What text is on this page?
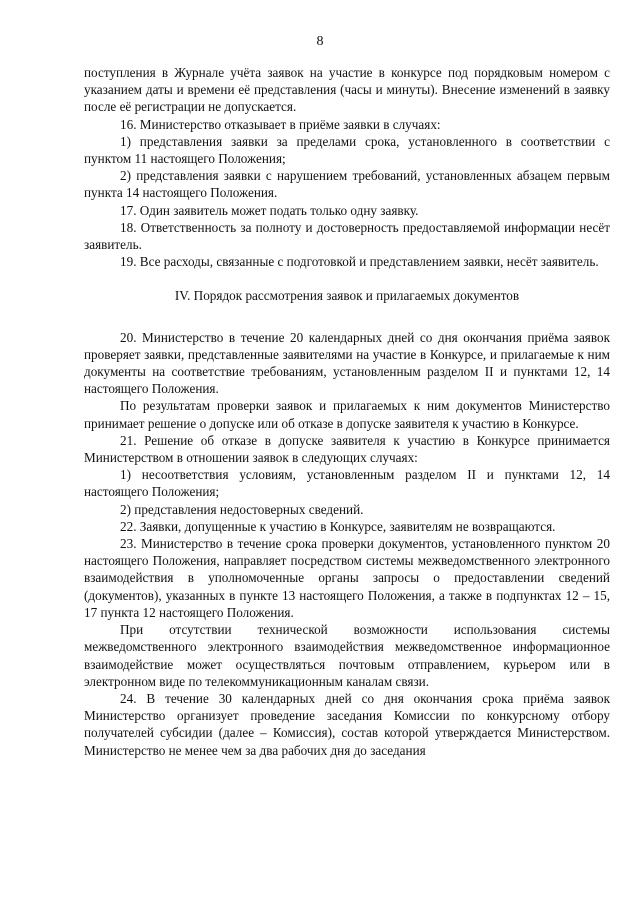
8

поступления в Журнале учёта заявок на участие в конкурсе под порядковым номером с указанием даты и времени её представления (часы и минуты). Внесение изменений в заявку после её регистрации не допускается.

16. Министерство отказывает в приёме заявки в случаях:

1) представления заявки за пределами срока, установленного в соответствии с пунктом 11 настоящего Положения;

2) представления заявки с нарушением требований, установленных абзацем первым пункта 14 настоящего Положения.

17. Один заявитель может подать только одну заявку.

18. Ответственность за полноту и достоверность предоставляемой информации несёт заявитель.

19. Все расходы, связанные с подготовкой и представлением заявки, несёт заявитель.

IV. Порядок рассмотрения заявок и прилагаемых документов

20. Министерство в течение 20 календарных дней со дня окончания приёма заявок проверяет заявки, представленные заявителями на участие в Конкурсе, и прилагаемые к ним документы на соответствие требованиям, установленным разделом II и пунктами 12, 14 настоящего Положения.

По результатам проверки заявок и прилагаемых к ним документов Министерство принимает решение о допуске или об отказе в допуске заявителя к участию в Конкурсе.

21. Решение об отказе в допуске заявителя к участию в Конкурсе принимается Министерством в отношении заявок в следующих случаях:

1) несоответствия условиям, установленным разделом II и пунктами 12, 14 настоящего Положения;

2) представления недостоверных сведений.

22. Заявки, допущенные к участию в Конкурсе, заявителям не возвращаются.

23. Министерство в течение срока проверки документов, установленного пунктом 20 настоящего Положения, направляет посредством системы межведомственного электронного взаимодействия в уполномоченные органы запросы о предоставлении сведений (документов), указанных в пункте 13 настоящего Положения, а также в подпунктах 12 – 15, 17 пункта 12 настоящего Положения.

При отсутствии технической возможности использования системы межведомственного электронного взаимодействия межведомственное информационное взаимодействие может осуществляться почтовым отправлением, курьером или в электронном виде по телекоммуникационным каналам связи.

24. В течение 30 календарных дней со дня окончания срока приёма заявок Министерство организует проведение заседания Комиссии по конкурсному отбору получателей субсидии (далее – Комиссия), состав которой утверждается Министерством. Министерство не менее чем за два рабочих дня до заседания
